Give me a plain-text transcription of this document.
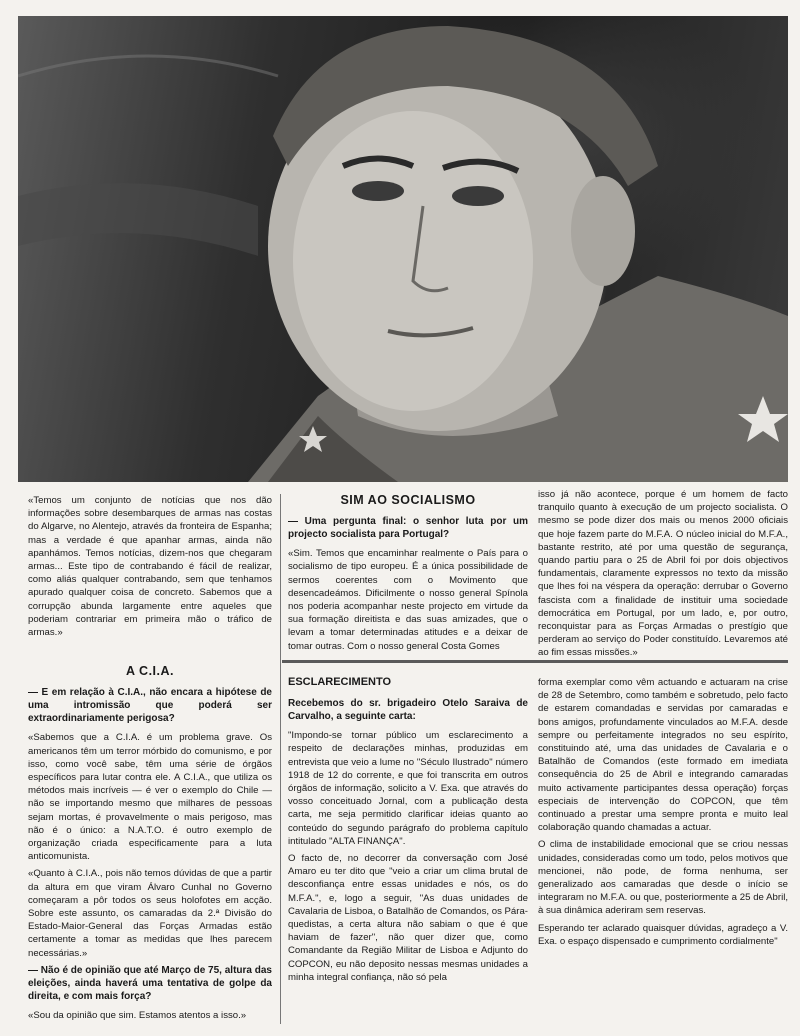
«Temos um conjunto de notícias que nos dão informações sobre desembarques de armas nas costas do Algarve, no Alentejo, através da fronteira de Espanha; mas a verdade é que apanhar armas, ainda não apanhámos. Temos notícias, dizem-nos que chegaram armas... Este tipo de contrabando é fácil de realizar, como aliás qualquer contrabando, sem que tenhamos apurado qualquer coisa de concreto. Sabemos que a corrupção abunda largamente entre aqueles que poderiam contrariar em primeira mão o tráfico de armas.»

A C.I.A.
— E em relação à C.I.A., não encara a hipótese de uma intromissão que poderá ser extraordinariamente perigosa?

«Sabemos que a C.I.A. é um problema grave. Os americanos têm um terror mórbido do comunismo, e por isso, como você sabe, têm uma série de órgãos específicos para lutar contra ele. A C.I.A., que utiliza os métodos mais incríveis — é ver o exemplo do Chile — não se importando mesmo que milhares de pessoas sejam mortas, é provavelmente o mais perigoso, mas não é o único: a N.A.T.O. é outro exemplo de organização criada especificamente para a luta anticomunista.

«Quanto à C.I.A., pois não temos dúvidas de que a partir da altura em que viram Álvaro Cunhal no Governo começaram a pôr todos os seus holofotes em acção. Sobre este assunto, os camaradas da 2.ª Divisão do Estado-Maior-General das Forças Armadas estão certamente a tomar as medidas que lhes parecem necessárias.»

— Não é de opinião que até Março de 75, altura das eleições, ainda haverá uma tentativa de golpe da direita, e com mais força?

«Sou da opinião que sim. Estamos atentos a isso.»

SIM AO SOCIALISMO
— Uma pergunta final: o senhor luta por um projecto socialista para Portugal?

«Sim. Temos que encaminhar realmente o País para o socialismo de tipo europeu. É a única possibilidade de sermos coerentes com o Movimento que desencadeámos. Dificilmente o nosso general Spínola nos poderia acompanhar neste projecto em virtude da sua formação direitista e das suas amizades, que o levam a tomar determinadas atitudes e a deixar de tomar outras. Com o nosso general Costa Gomes

isso já não acontece, porque é um homem de facto tranquilo quanto à execução de um projecto socialista. O mesmo se pode dizer dos mais ou menos 2000 oficiais que hoje fazem parte do M.F.A. O núcleo inicial do M.F.A., bastante restrito, até por uma questão de segurança, quando partiu para o 25 de Abril foi por dois objectivos fundamentais, claramente expressos no texto da missão que lhes foi na véspera da operação: derrubar o Governo fascista com a finalidade de instituir uma sociedade democrática em Portugal, por um lado, e, por outro, reconquistar para as Forças Armadas o prestígio que perderam ao serviço do Poder constituído. Levaremos até ao fim essas missões.»

ESCLARECIMENTO
Recebemos do sr. brigadeiro Otelo Saraiva de Carvalho, a seguinte carta:

"Impondo-se tornar público um esclarecimento a respeito de declarações minhas, produzidas em entrevista que veio a lume no "Século Ilustrado" número 1918 de 12 do corrente, e que foi transcrita em outros órgãos de informação, solicito a V. Exa. que através do vosso conceituado Jornal, com a publicação desta carta, me seja permitido clarificar ideias quanto ao conteúdo do segundo parágrafo do problema capítulo intitulado "ALTA FINANÇA".

O facto de, no decorrer da conversação com José Amaro eu ter dito que "veio a criar um clima brutal de desconfiança entre essas unidades e nós, os do M.F.A.", e, logo a seguir, "As duas unidades de Cavalaria de Lisboa, o Batalhão de Comandos, os Pára-quedistas, a certa altura não sabiam o que é que haviam de fazer", não quer dizer que, como Comandante da Região Militar de Lisboa e Adjunto do COPCON, eu não deposito nessas mesmas unidades a minha integral confiança, não só pela

forma exemplar como vêm actuando e actuaram na crise de 28 de Setembro, como também e sobretudo, pelo facto de estarem comandadas e servidas por camaradas e bons amigos, profundamente vinculados ao M.F.A. desde sempre ou perfeitamente integrados no seu espírito, constituindo até, uma das unidades de Cavalaria e o Batalhão de Comandos (este formado em imediata consequência do 25 de Abril e integrando camaradas muito activamente participantes dessa operação) forças especiais de intervenção do COPCON, que têm continuado a prestar uma sempre pronta e muito leal colaboração quando chamadas a actuar.

O clima de instabilidade emocional que se criou nessas unidades, consideradas como um todo, pelos motivos que mencionei, não pode, de forma nenhuma, ser generalizado aos camaradas que desde o início se integraram no M.F.A. ou que, posteriormente a 25 de Abril, à sua dinâmica aderiram sem reservas.

Esperando ter aclarado quaisquer dúvidas, agradeço a V. Exa. o espaço dispensado e cumprimento cordialmente"
